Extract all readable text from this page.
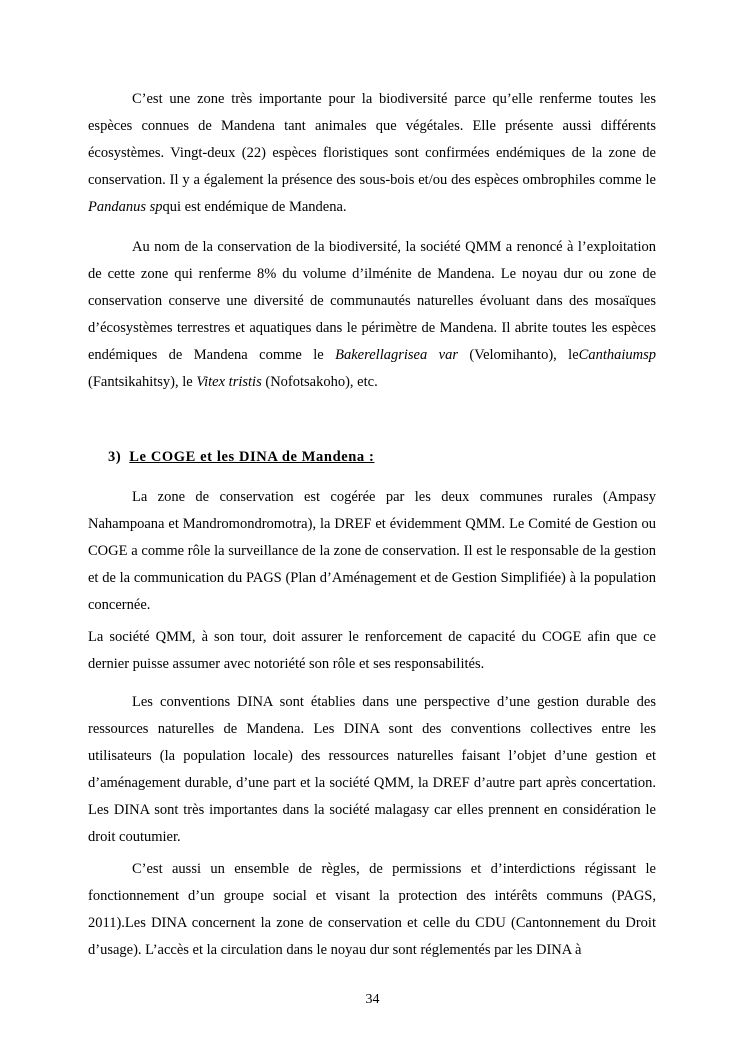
C’est une zone très importante pour la biodiversité parce qu’elle renferme toutes les espèces connues de Mandena tant animales que végétales. Elle présente aussi différents écosystèmes. Vingt-deux (22) espèces floristiques sont confirmées endémiques de la zone de conservation. Il y a également la présence des sous-bois et/ou des espèces ombrophiles comme le Pandanus spqui est endémique de Mandena.

Au nom de la conservation de la biodiversité, la société QMM a renoncé à l’exploitation de cette zone qui renferme 8% du volume d’ilménite de Mandena. Le noyau dur ou zone de conservation conserve une diversité de communautés naturelles évoluant dans des mosaïques d’écosystèmes terrestres et aquatiques dans le périmètre de Mandena. Il abrite toutes les espèces endémiques de Mandena comme le Bakerellagrisea var (Velomihanto), leCanthaiumsp (Fantsikahitsy), le Vitex tristis (Nofotsakoho), etc.

3) Le COGE et les DINA de Mandena :

La zone de conservation est cogérée par les deux communes rurales (Ampasy Nahampoana et Mandromondromotra), la DREF et évidemment QMM. Le Comité de Gestion ou COGE a comme rôle la surveillance de la zone de conservation. Il est le responsable de la gestion et de la communication du PAGS (Plan d’Aménagement et de Gestion Simplifiée) à la population concernée.

La société QMM, à son tour, doit assurer le renforcement de capacité du COGE afin que ce dernier puisse assumer avec notoriété son rôle et ses responsabilités.

Les conventions DINA sont établies dans une perspective d’une gestion durable des ressources naturelles de Mandena. Les DINA sont des conventions collectives entre les utilisateurs (la population locale) des ressources naturelles faisant l’objet d’une gestion et d’aménagement durable, d’une part et la société QMM, la DREF d’autre part après concertation. Les DINA sont très importantes dans la société malagasy car elles prennent en considération le droit coutumier.

C’est aussi un ensemble de règles, de permissions et d’interdictions régissant le fonctionnement d’un groupe social et visant la protection des intérêts communs (PAGS, 2011).Les DINA concernent la zone de conservation et celle du CDU (Cantonnement du Droit d’usage). L’accès et la circulation dans le noyau dur sont réglementés par les DINA à

34
